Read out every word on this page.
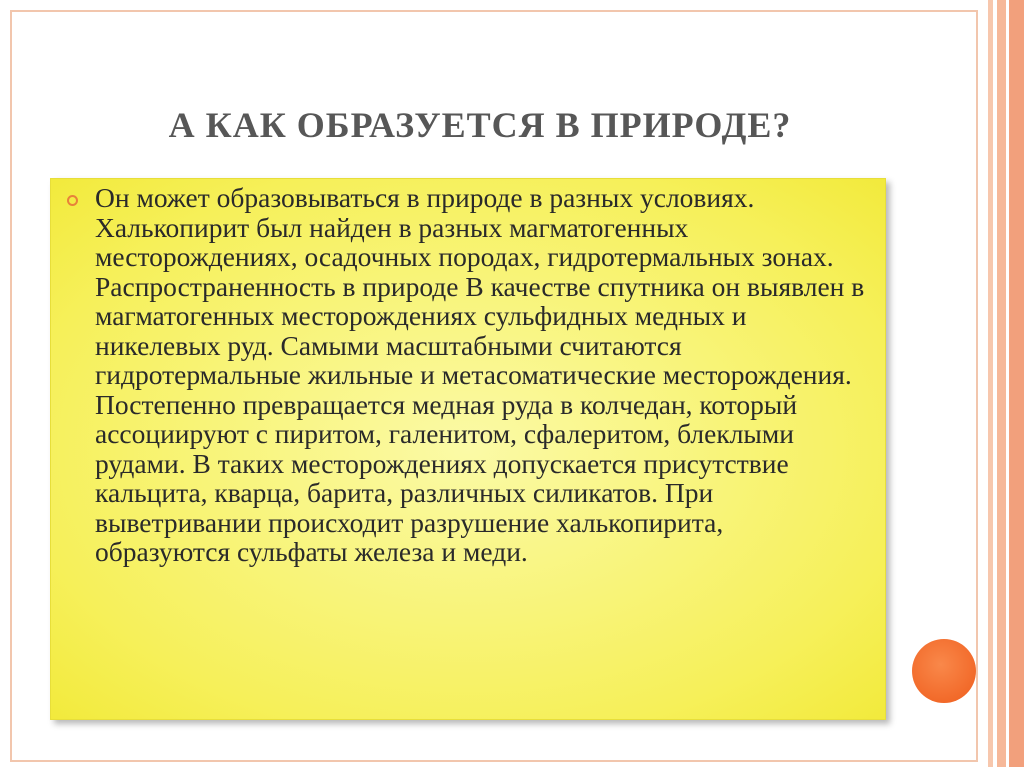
А КАК ОБРАЗУЕТСЯ В ПРИРОДЕ?

Он может образовываться в природе в разных условиях. Халькопирит был найден в разных магматогенных месторождениях, осадочных породах, гидротермальных зонах. Распространенность в природе В качестве спутника он выявлен в магматогенных месторождениях сульфидных медных и никелевых руд. Самыми масштабными считаются гидротермальные жильные и метасоматические месторождения. Постепенно превращается медная руда в колчедан, который ассоциируют с пиритом, галенитом, сфалеритом, блеклыми рудами. В таких месторождениях допускается присутствие кальцита, кварца, барита, различных силикатов. При выветривании происходит разрушение халькопирита, образуются сульфаты железа и меди.
